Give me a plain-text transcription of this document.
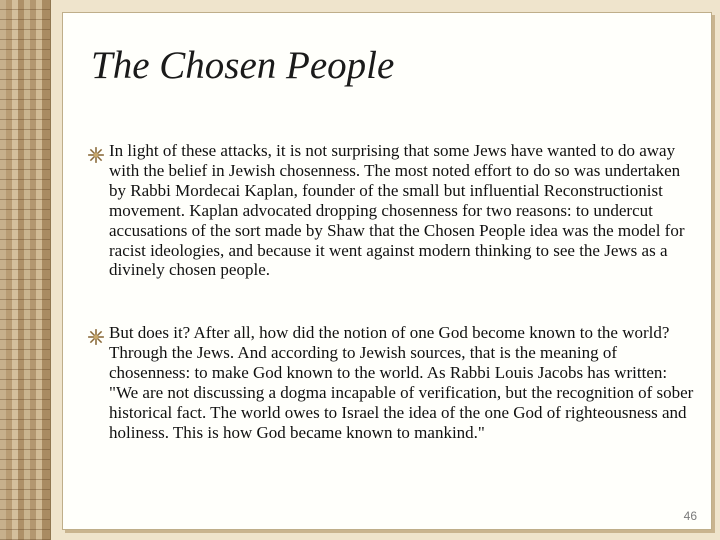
The Chosen People

In light of these attacks, it is not surprising that some Jews have wanted to do away with the belief in Jewish chosenness. The most noted effort to do so was undertaken by Rabbi Mordecai Kaplan, founder of the small but influential Reconstructionist movement. Kaplan advocated dropping chosenness for two reasons: to undercut accusations of the sort made by Shaw that the Chosen People idea was the model for racist ideologies, and because it went against modern thinking to see the Jews as a divinely chosen people.

But does it? After all, how did the notion of one God become known to the world? Through the Jews. And according to Jewish sources, that is the meaning of chosenness: to make God known to the world. As Rabbi Louis Jacobs has written: "We are not discussing a dogma incapable of verification, but the recognition of sober historical fact. The world owes to Israel the idea of the one God of righteousness and holiness. This is how God became known to mankind."

46
